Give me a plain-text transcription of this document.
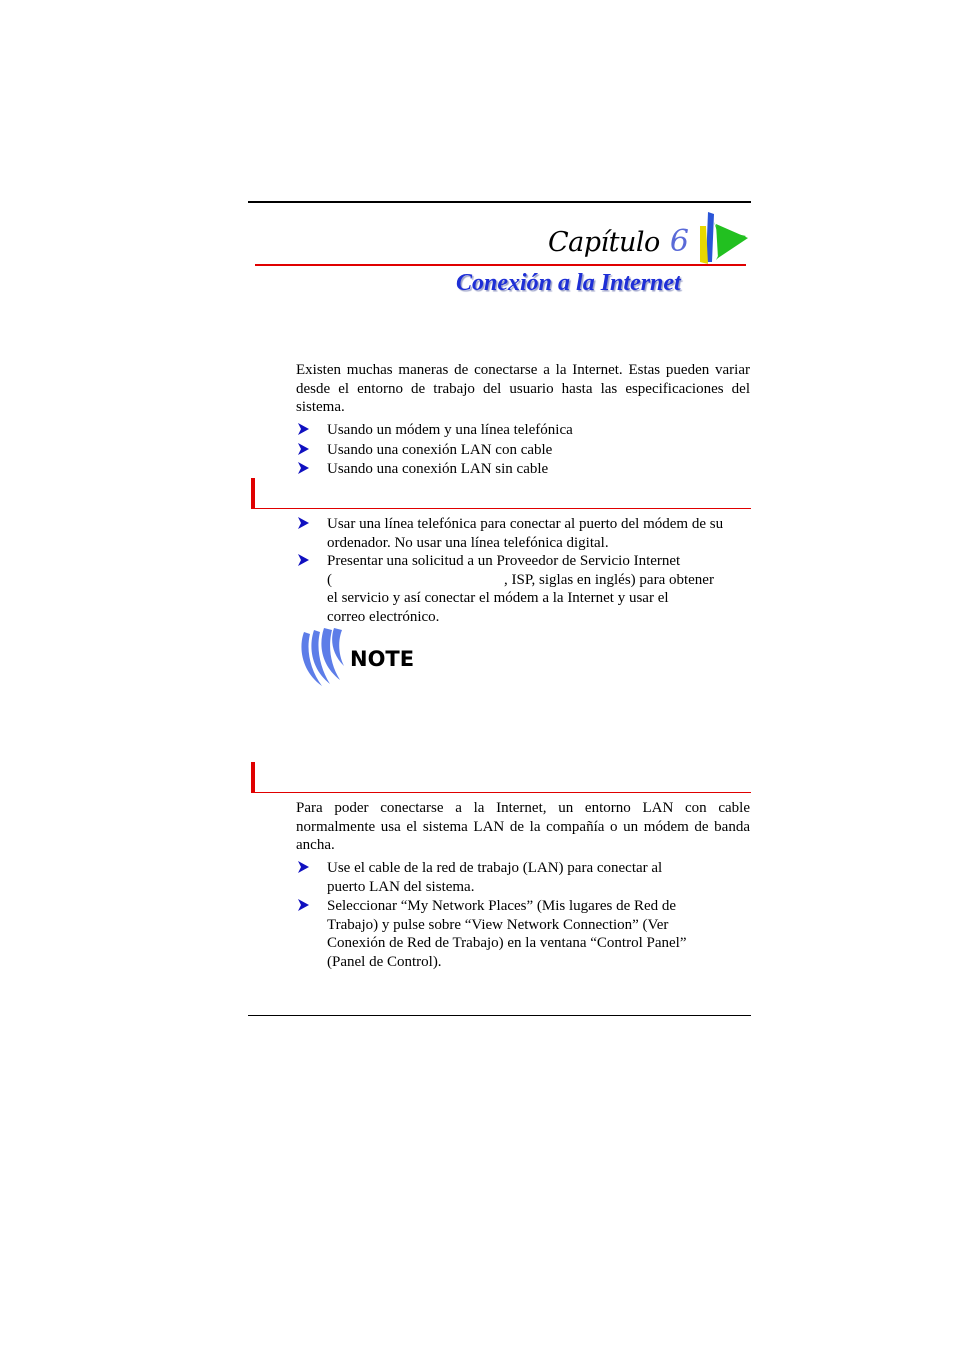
Capítulo 6
Conexión a la Internet
Existen muchas maneras de conectarse a la Internet. Estas pueden variar desde el entorno de trabajo del usuario hasta las especificaciones del sistema.
Usando un módem y una línea telefónica
Usando una conexión LAN con cable
Usando una conexión LAN sin cable
Usar una línea telefónica para conectar al puerto del módem de su ordenador. No usar una línea telefónica digital.
Presentar una solicitud a un Proveedor de Servicio Internet
(	, ISP, siglas en inglés) para obtener
el servicio y así conectar el módem a la Internet y usar el
correo electrónico.
NOTE
Para poder conectarse a la Internet, un entorno LAN con cable normalmente usa el sistema LAN de la compañía o un módem de banda ancha.
Use el cable de la red de trabajo (LAN) para conectar al
puerto LAN del sistema.
Seleccionar “My Network Places” (Mis lugares de Red de
Trabajo) y pulse sobre “View Network Connection” (Ver
Conexión de Red de Trabajo) en la ventana “Control Panel”
(Panel de Control).
